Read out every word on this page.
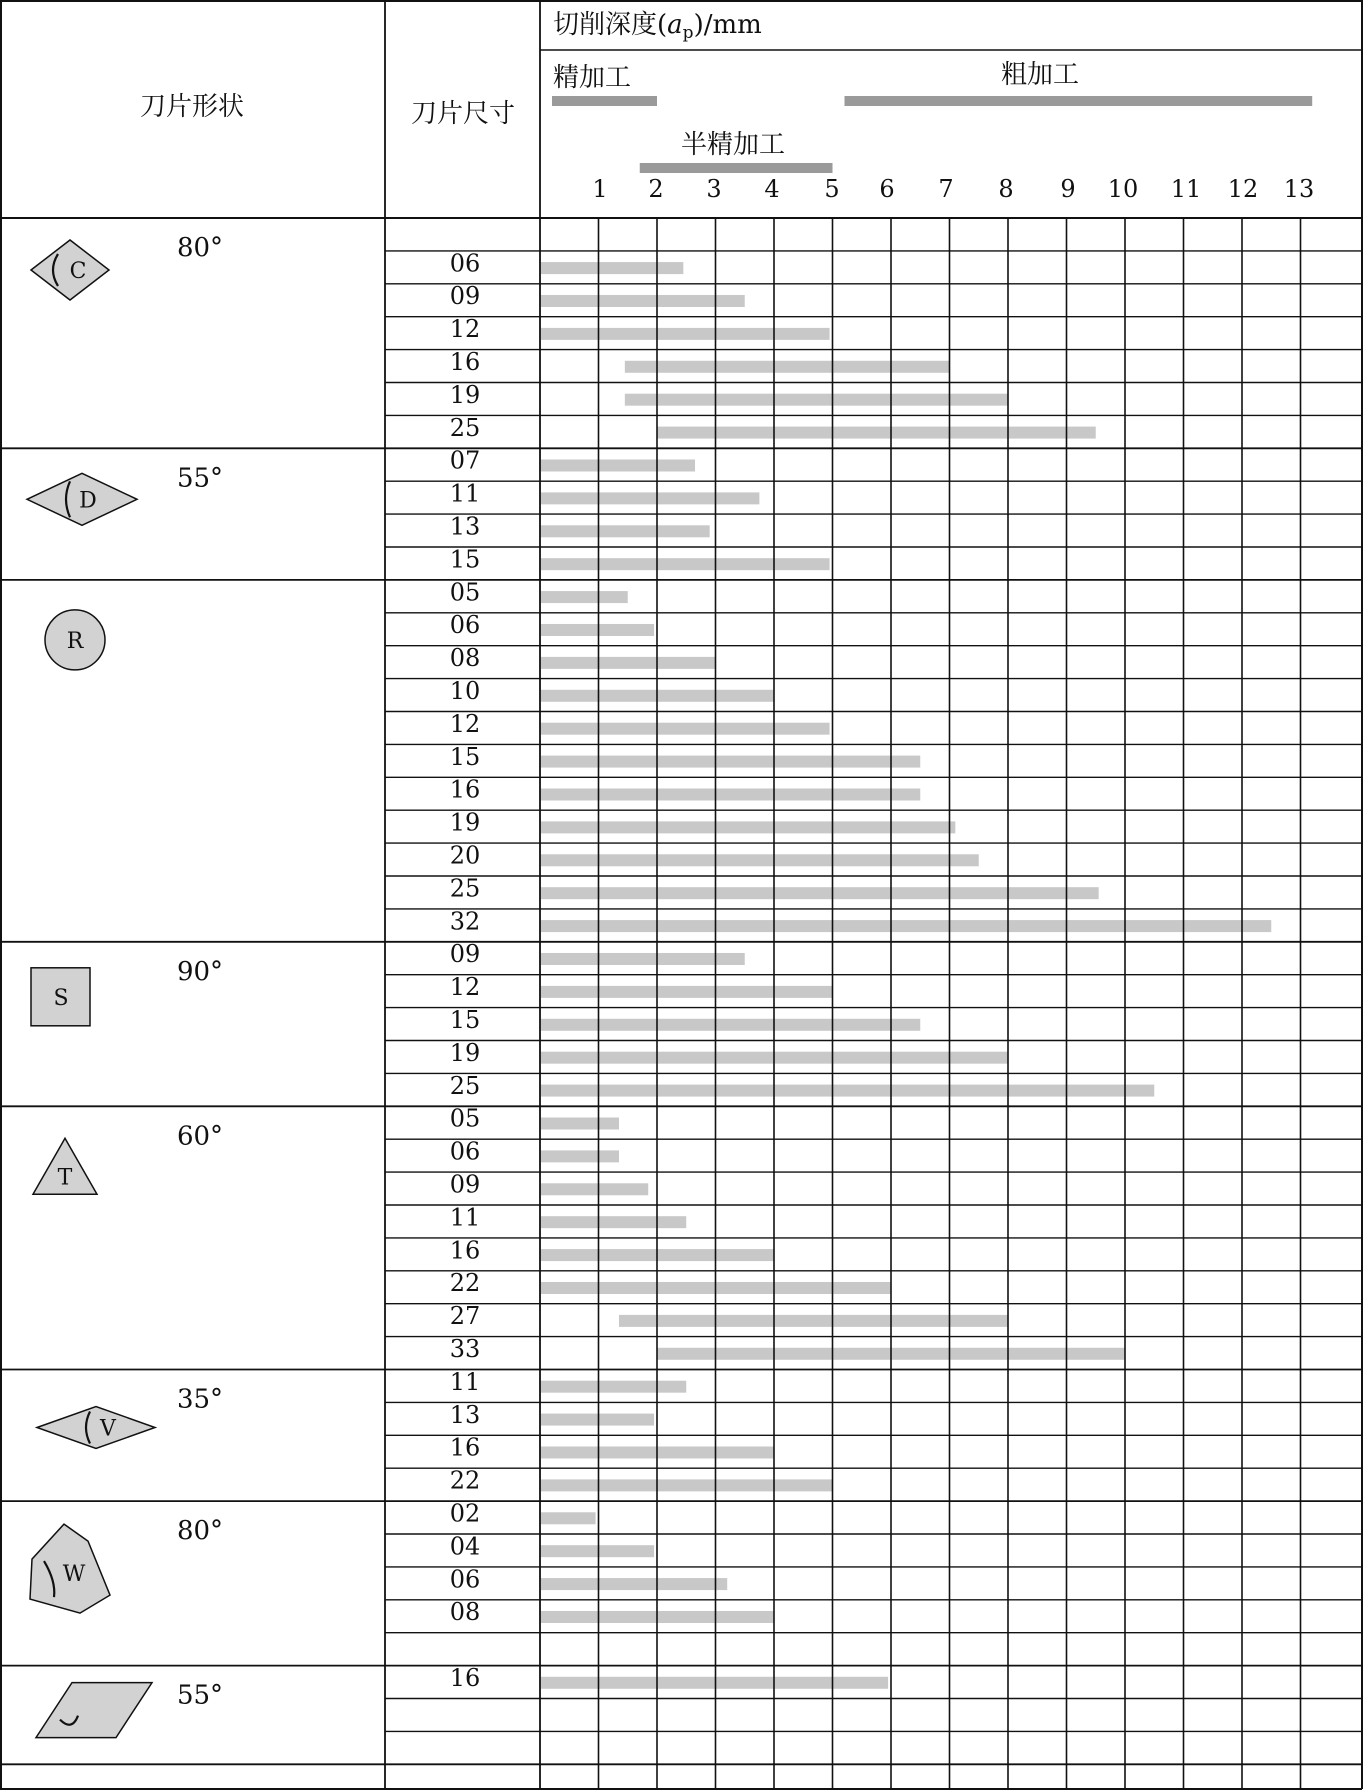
刀片形状	刀片尺寸
切削深度(ap)/mm
精加工	粗加工
半精加工
1 2 3 4 5 6 7 8 9 10 11 12 13
06
09
12
16
19
25
07
11
13
15
05
06
08
10
12
15
16
19
20
25
32
09
12
15
19
25
05
06
09
11
16
22
27
33
11
13
16
22
02
04
06
08
16
80°
C
55°
D
R
90°
S
60°
T
35°
V
80°
W
55°
